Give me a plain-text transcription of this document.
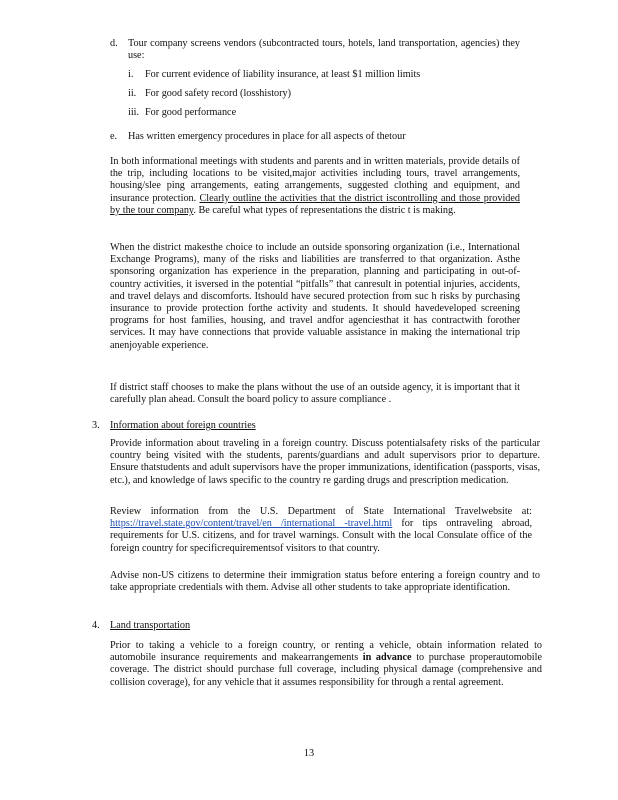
d. Tour company screens vendors (subcontracted tours, hotels, land transportation, agencies) they use:
i. For current evidence of liability insurance, at least $1 million limits
ii. For good safety record (losshistory)
iii. For good performance
e. Has written emergency procedures in place for all aspects of thetour
In both informational meetings with students and parents and in written materials, provide details of the trip, including locations to be visited,major activities including tours, travel arrangements, housing/slee ping arrangements, eating arrangements, suggested clothing and equipment, and insurance protection. Clearly outline the activities that the district iscontrolling and those provided by the tour company. Be careful what types of representations the distric t is making.
When the district makesthe choice to include an outside sponsoring organization (i.e., International Exchange Programs), many of the risks and liabilities are transferred to that organization. Asthe sponsoring organization has experience in the preparation, planning and participating in out-of-country activities, it isversed in the potential “pitfalls” that canresult in potential injuries, accidents, and travel delays and discomforts. Itshould have secured protection from suc h risks by purchasing insurance to provide protection forthe activity and students. It should havedeveloped screening programs for host families, housing, and travel andfor agenciesthat it has contractwith forother services. It may have connections that provide valuable assistance in making the international trip anenjoyable experience.
If district staff chooses to make the plans without the use of an outside agency, it is important that it carefully plan ahead. Consult the board policy to assure compliance .
3. Information about foreign countries
Provide information about traveling in a foreign country. Discuss potentialsafety risks of the particular country being visited with the students, parents/guardians and adult supervisors prior to departure. Ensure thatstudents and adult supervisors have the proper immunizations, identification (passports, visas, etc.), and knowledge of laws specific to the country re garding drugs and prescription medication.
Review information from the U.S. Department of State International Travelwebsite at: https://travel.state.gov/content/travel/en /international -travel.html for tips ontraveling abroad, requirements for U.S. citizens, and for travel warnings. Consult with the local Consulate office of the foreign country for specificrequirementsof visitors to that country.
Advise non-US citizens to determine their immigration status before entering a foreign country and to take appropriate credentials with them. Advise all other students to take appropriate identification.
4. Land transportation
Prior to taking a vehicle to a foreign country, or renting a vehicle, obtain information related to automobile insurance requirements and makearrangements in advance to purchase properautomobile coverage. The district should purchase full coverage, including physical damage (comprehensive and collision coverage), for any vehicle that it assumes responsibility for through a rental agreement.
13
